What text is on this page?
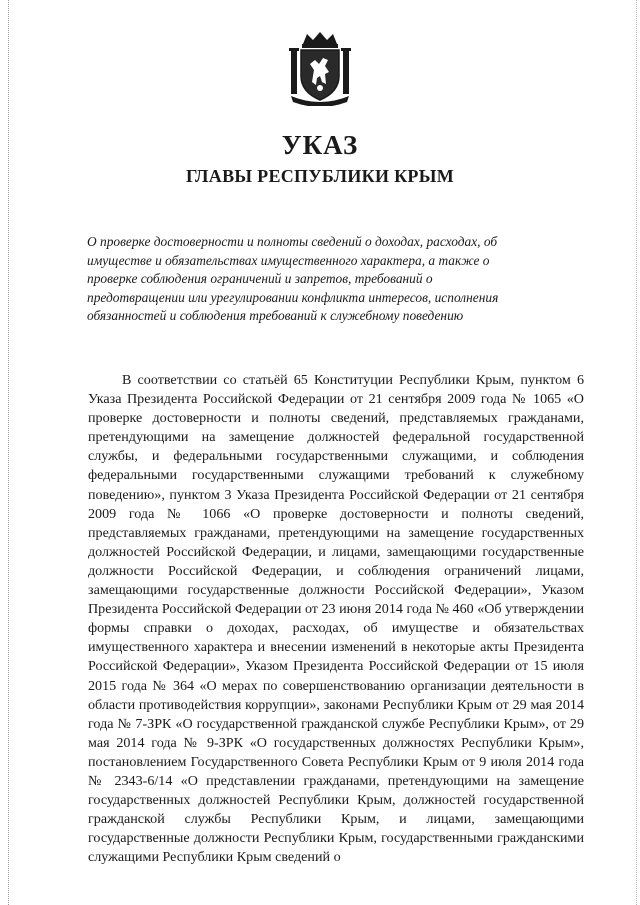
УКАЗ
ГЛАВЫ РЕСПУБЛИКИ КРЫМ

О проверке достоверности и полноты сведений о доходах, расходах, об имуществе и обязательствах имущественного характера, а также о проверке соблюдения ограничений и запретов, требований о предотвращении или урегулировании конфликта интересов, исполнения обязанностей и соблюдения требований к служебному поведению

В соответствии со статьёй 65 Конституции Республики Крым, пунктом 6 Указа Президента Российской Федерации от 21 сентября 2009 года № 1065 «О проверке достоверности и полноты сведений, представляемых гражданами, претендующими на замещение должностей федеральной государственной службы, и федеральными государственными служащими, и соблюдения федеральными государственными служащими требований к служебному поведению», пунктом 3 Указа Президента Российской Федерации от 21 сентября 2009 года № 1066 «О проверке достоверности и полноты сведений, представляемых гражданами, претендующими на замещение государственных должностей Российской Федерации, и лицами, замещающими государственные должности Российской Федерации, и соблюдения ограничений лицами, замещающими государственные должности Российской Федерации», Указом Президента Российской Федерации от 23 июня 2014 года № 460 «Об утверждении формы справки о доходах, расходах, об имуществе и обязательствах имущественного характера и внесении изменений в некоторые акты Президента Российской Федерации», Указом Президента Российской Федерации от 15 июля 2015 года № 364 «О мерах по совершенствованию организации деятельности в области противодействия коррупции», законами Республики Крым от 29 мая 2014 года № 7-ЗРК «О государственной гражданской службе Республики Крым», от 29 мая 2014 года № 9-ЗРК «О государственных должностях Республики Крым», постановлением Государственного Совета Республики Крым от 9 июля 2014 года № 2343-6/14 «О представлении гражданами, претендующими на замещение государственных должностей Республики Крым, должностей государственной гражданской службы Республики Крым, и лицами, замещающими государственные должности Республики Крым, государственными гражданскими служащими Республики Крым сведений о
